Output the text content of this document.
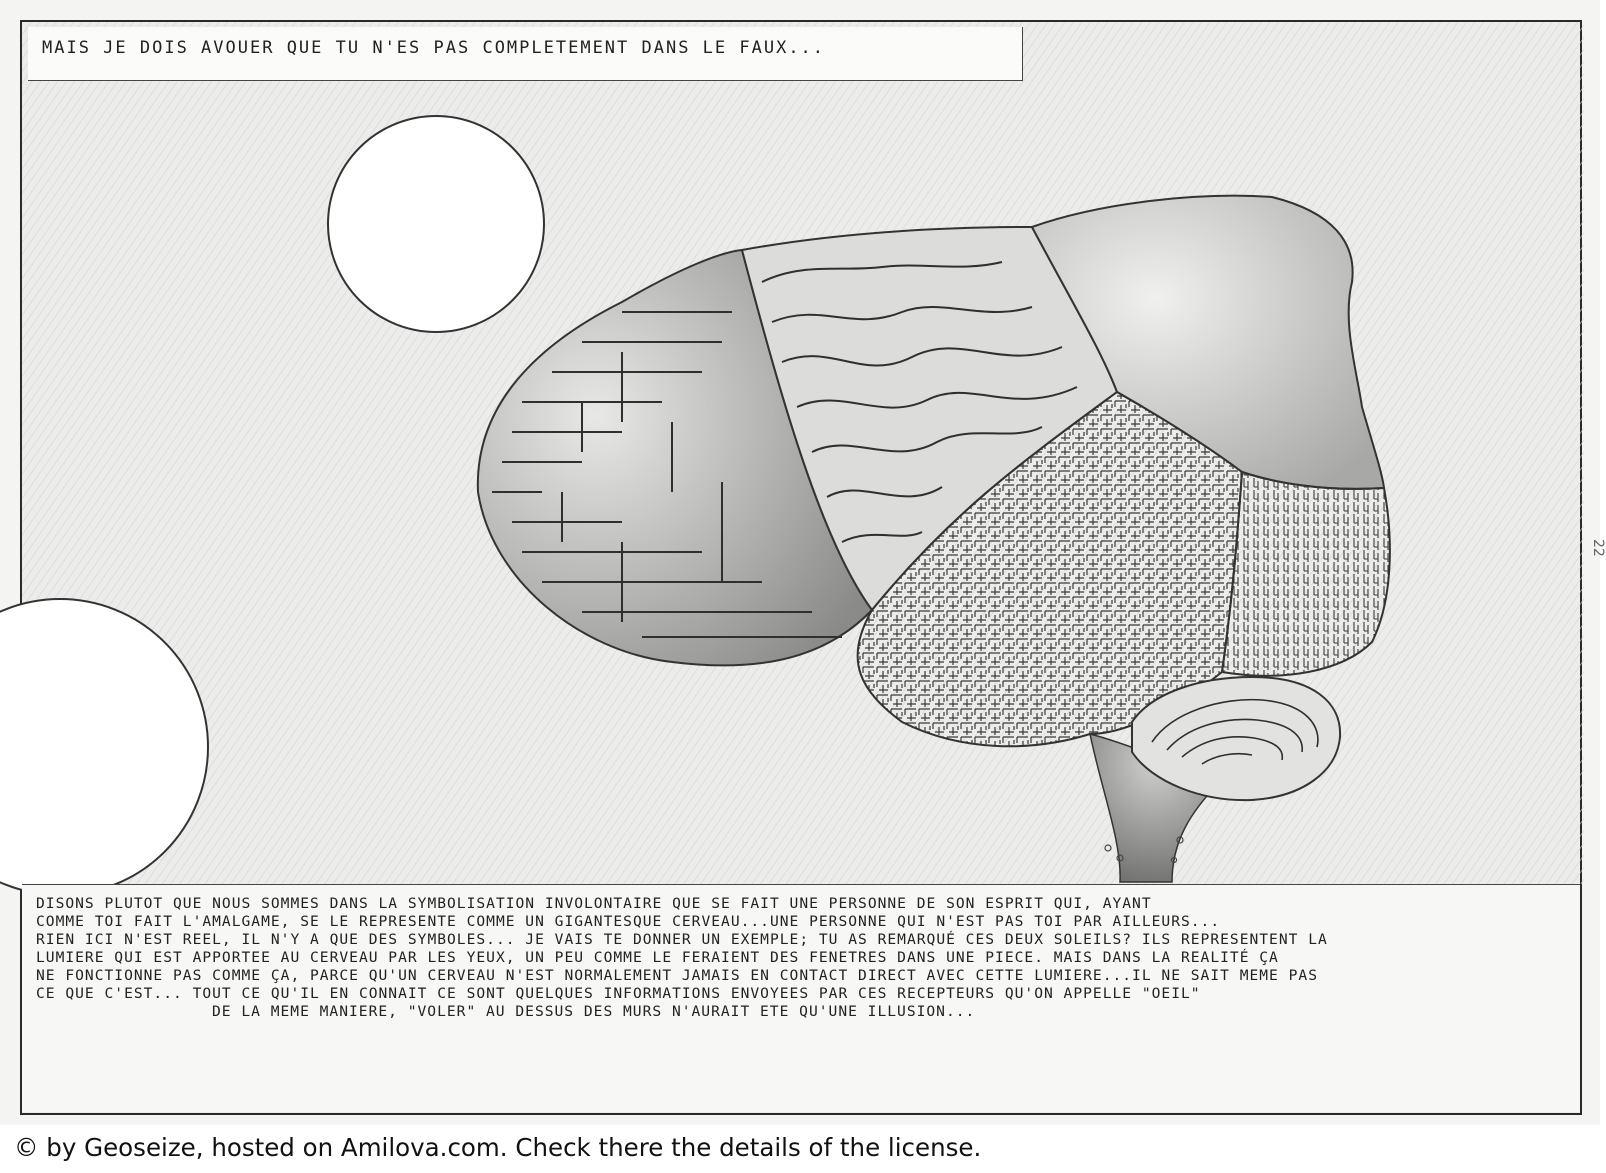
MAIS JE DOIS AVOUER QUE TU N'ES PAS COMPLETEMENT DANS LE FAUX...
DISONS PLUTOT QUE NOUS SOMMES DANS LA SYMBOLISATION INVOLONTAIRE QUE SE FAIT UNE PERSONNE DE SON ESPRIT QUI, AYANT
COMME TOI FAIT L'AMALGAME, SE LE REPRESENTE COMME UN GIGANTESQUE CERVEAU...UNE PERSONNE QUI N'EST PAS TOI PAR AILLEURS...
RIEN ICI N'EST REEL, IL N'Y A QUE DES SYMBOLES... JE VAIS TE DONNER UN EXEMPLE; TU AS REMARQUÉ CES DEUX SOLEILS? ILS REPRESENTENT LA
LUMIERE QUI EST APPORTEE AU CERVEAU PAR LES YEUX, UN PEU COMME LE FERAIENT DES FENETRES DANS UNE PIECE. MAIS DANS LA REALITÉ ÇA
NE FONCTIONNE PAS COMME ÇA, PARCE QU'UN CERVEAU N'EST NORMALEMENT JAMAIS EN CONTACT DIRECT AVEC CETTE LUMIERE...IL NE SAIT MEME PAS
CE QUE C'EST... TOUT CE QU'IL EN CONNAIT CE SONT QUELQUES INFORMATIONS ENVOYEES PAR CES RECEPTEURS QU'ON APPELLE "OEIL"
DE LA MEME MANIERE, "VOLER" AU DESSUS DES MURS N'AURAIT ETE QU'UNE ILLUSION...
22
© by Geoseize, hosted on Amilova.com. Check there the details of the license.
